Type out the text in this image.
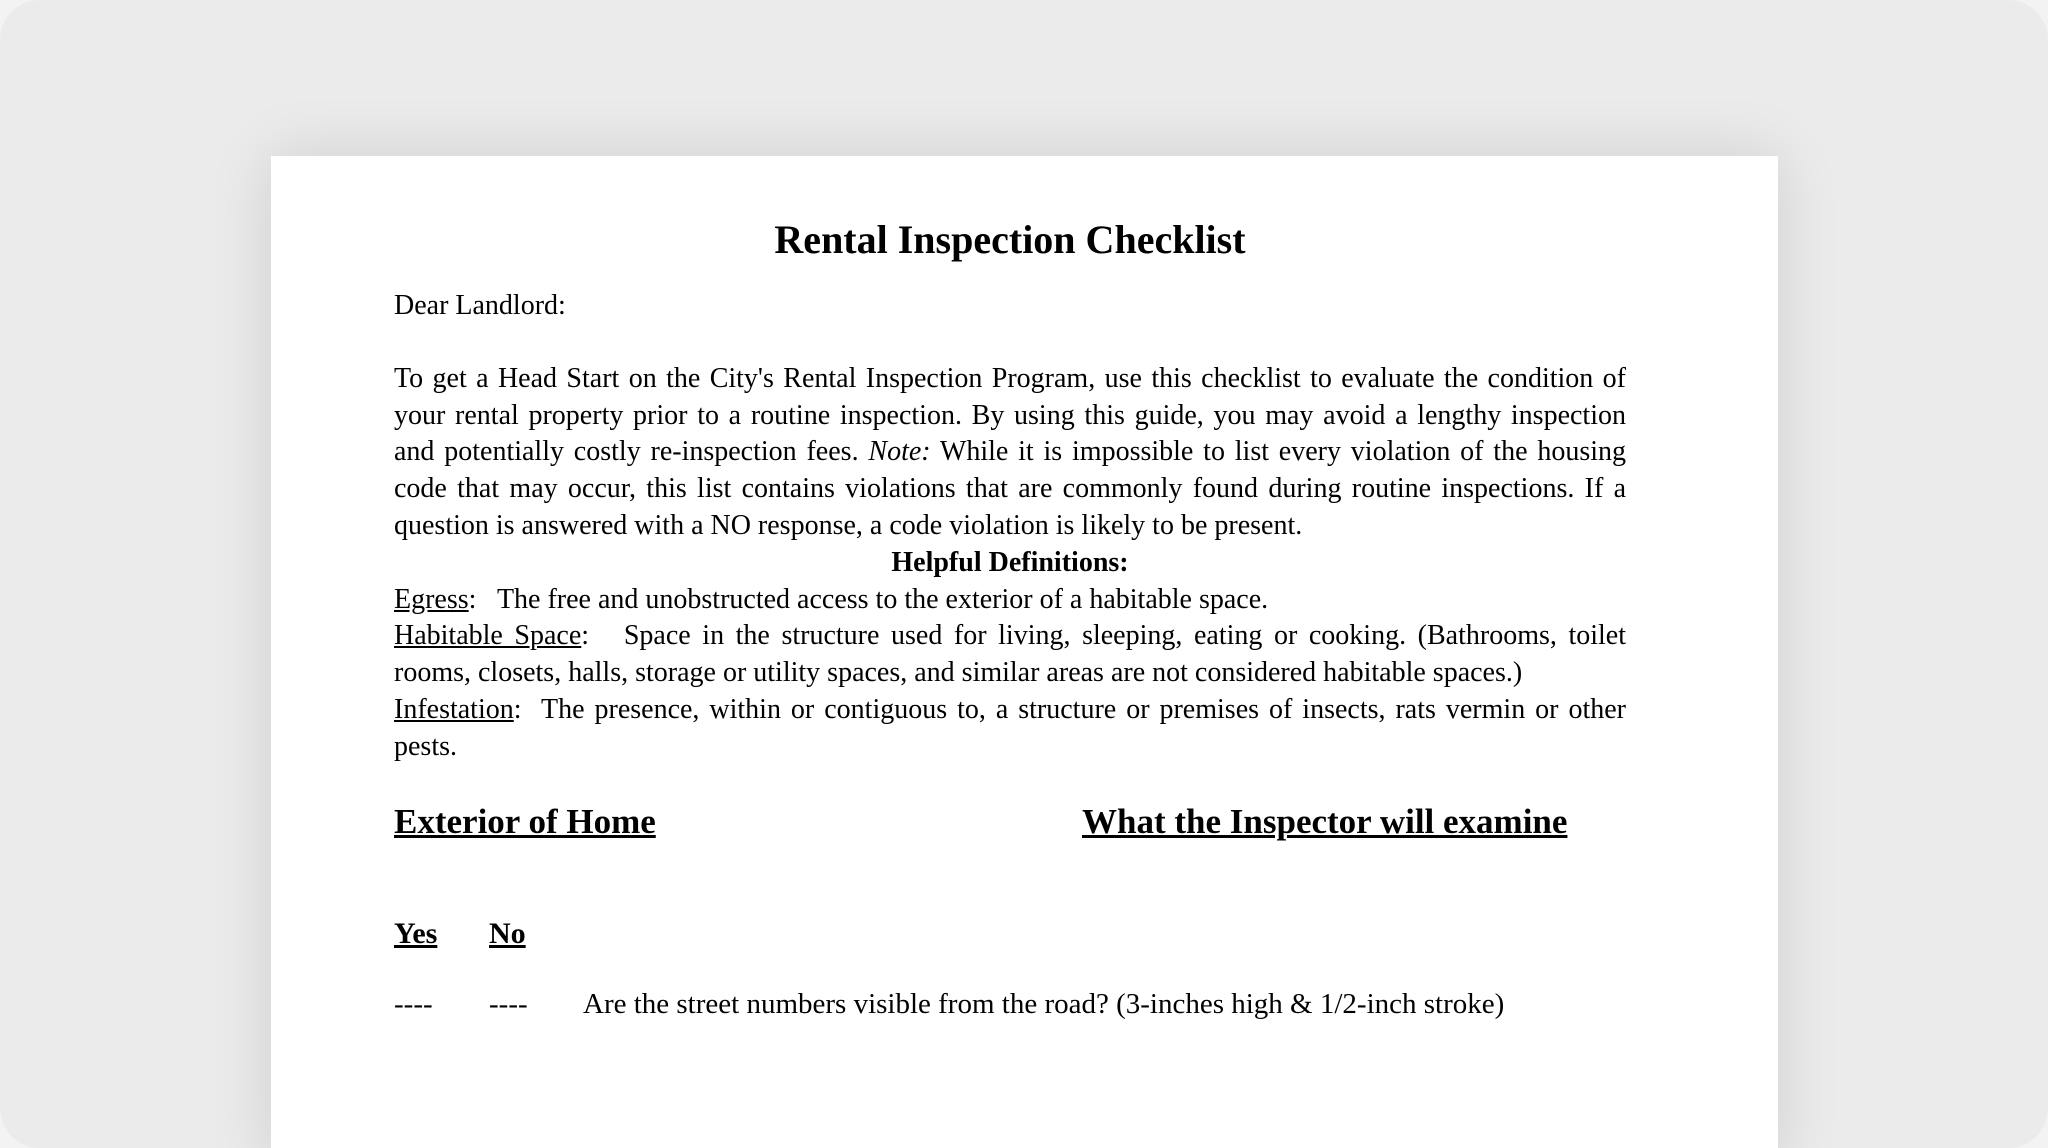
Rental Inspection Checklist

Dear Landlord:

To get a Head Start on the City's Rental Inspection Program, use this checklist to evaluate the condition of your rental property prior to a routine inspection. By using this guide, you may avoid a lengthy inspection and potentially costly re-inspection fees. Note: While it is impossible to list every violation of the housing code that may occur, this list contains violations that are commonly found during routine inspections. If a question is answered with a NO response, a code violation is likely to be present.

Helpful Definitions:

Egress: The free and unobstructed access to the exterior of a habitable space.

Habitable Space: Space in the structure used for living, sleeping, eating or cooking. (Bathrooms, toilet rooms, closets, halls, storage or utility spaces, and similar areas are not considered habitable spaces.)

Infestation: The presence, within or contiguous to, a structure or premises of insects, rats vermin or other pests.

Exterior of Home	What the Inspector will examine
Yes No
---- ---- Are the street numbers visible from the road? (3-inches high & 1/2-inch stroke)
